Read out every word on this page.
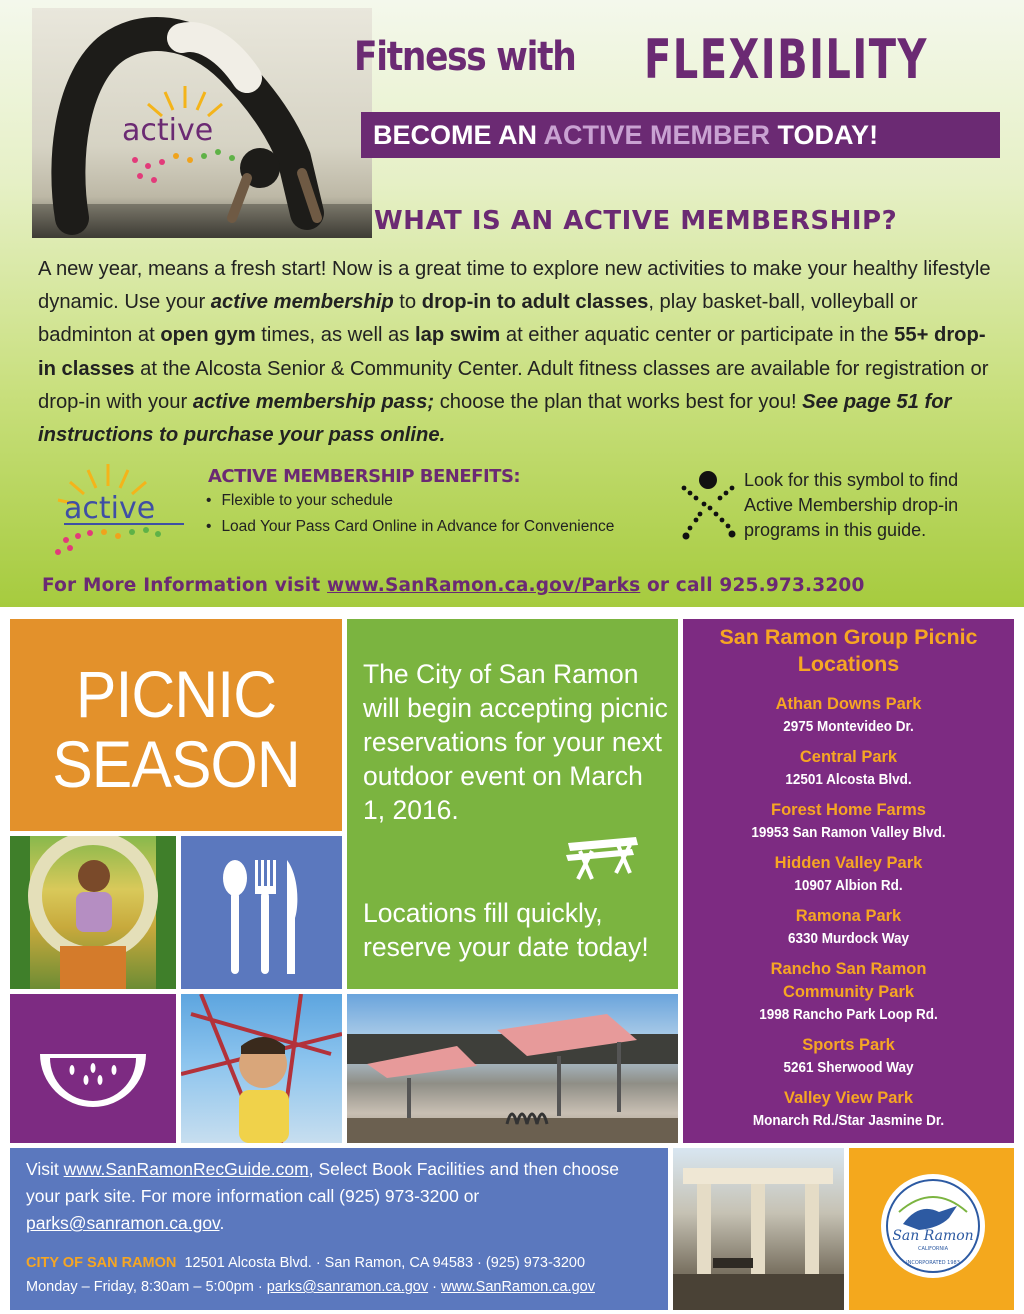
active
Fitness with FLEXIBILITY
BECOME AN ACTIVE MEMBER TODAY!
WHAT IS AN ACTIVE MEMBERSHIP?
A new year, means a fresh start! Now is a great time to explore new activities to make your healthy lifestyle dynamic. Use your active membership to drop-in to adult classes, play basket-ball, volleyball or badminton at open gym times, as well as lap swim at either aquatic center or participate in the 55+ drop-in classes at the Alcosta Senior & Community Center. Adult fitness classes are available for registration or drop-in with your active membership pass; choose the plan that works best for you! See page 51 for instructions to purchase your pass online.
active
ACTIVE MEMBERSHIP BENEFITS:
• Flexible to your schedule
• Load Your Pass Card Online in Advance for Convenience
Look for this symbol to find Active Membership drop-in programs in this guide.
For More Information visit www.SanRamon.ca.gov/Parks or call 925.973.3200
PICNIC
SEASON
The City of San Ramon will begin accepting picnic reservations for your next outdoor event on March 1, 2016.
Locations fill quickly, reserve your date today!
San Ramon Group Picnic Locations
Athan Downs Park
2975 Montevideo Dr.
Central Park
12501 Alcosta Blvd.
Forest Home Farms
19953 San Ramon Valley Blvd.
Hidden Valley Park
10907 Albion Rd.
Ramona Park
6330 Murdock Way
Rancho San Ramon Community Park
1998 Rancho Park Loop Rd.
Sports Park
5261 Sherwood Way
Valley View Park
Monarch Rd./Star Jasmine Dr.
Visit www.SanRamonRecGuide.com, Select Book Facilities and then choose your park site. For more information call (925) 973-3200 or parks@sanramon.ca.gov.
CITY OF SAN RAMON 12501 Alcosta Blvd. · San Ramon, CA 94583 · (925) 973-3200
Monday – Friday, 8:30am – 5:00pm · parks@sanramon.ca.gov · www.SanRamon.ca.gov
San Ramon
CALIFORNIA
INCORPORATED 1983
